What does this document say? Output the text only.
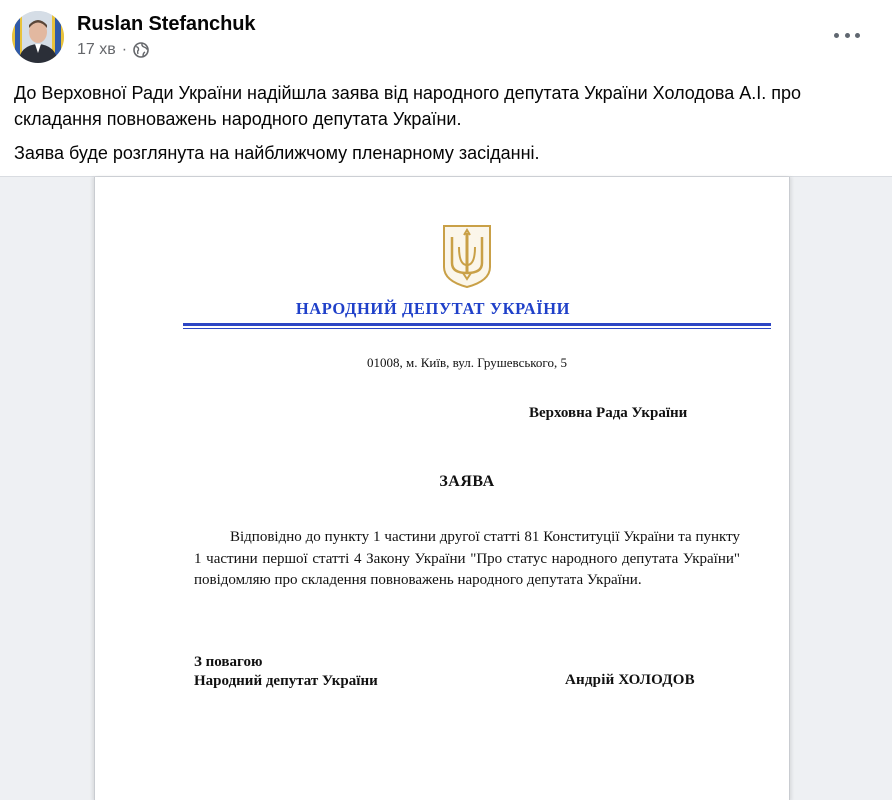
Ruslan Stefanchuk
17 хв ·

До Верховної Ради України надійшла заява від народного депутата України Холодова А.І. про складання повноважень народного депутата України.

Заява буде розглянута на найближчому пленарному засіданні.

НАРОДНИЙ ДЕПУТАТ УКРАЇНИ
01008, м. Київ, вул. Грушевського, 5
Верховна Рада України
ЗАЯВА
Відповідно до пункту 1 частини другої статті 81 Конституції України та пункту 1 частини першої статті 4 Закону України "Про статус народного депутата України" повідомляю про складення повноважень народного депутата України.
З повагою
Народний депутат України	Андрій ХОЛОДОВ
